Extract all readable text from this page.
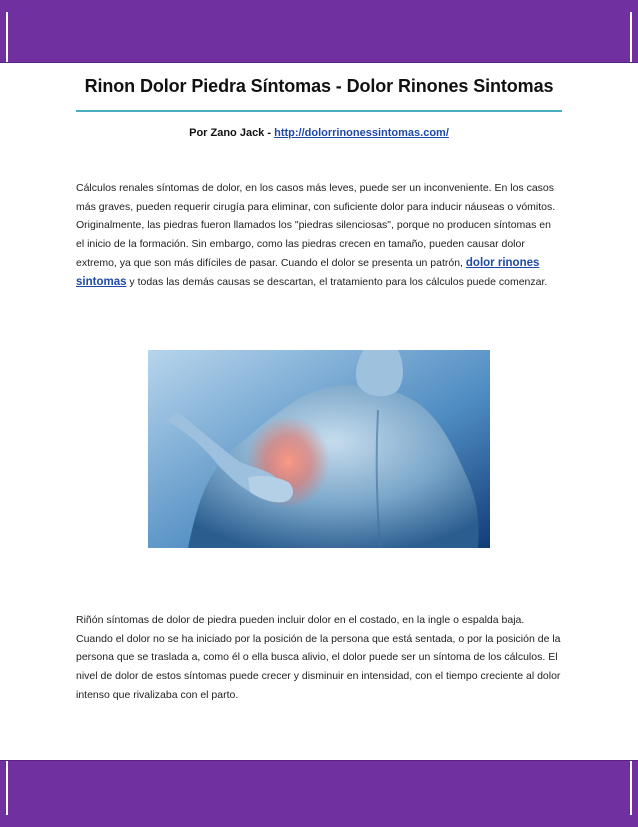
Rinon Dolor Piedra Síntomas - Dolor Rinones Sintomas
Por Zano Jack - http://dolorrinonessintomas.com/

Cálculos renales síntomas de dolor, en los casos más leves, puede ser un inconveniente. En los casos más graves, pueden requerir cirugía para eliminar, con suficiente dolor para inducir náuseas o vómitos. Originalmente, las piedras fueron llamados los "piedras silenciosas", porque no producen síntomas en el inicio de la formación. Sin embargo, como las piedras crecen en tamaño, pueden causar dolor extremo, ya que son más difíciles de pasar. Cuando el dolor se presenta un patrón, dolor rinones sintomas y todas las demás causas se descartan, el tratamiento para los cálculos puede comenzar.

Riñón síntomas de dolor de piedra pueden incluir dolor en el costado, en la ingle o espalda baja. Cuando el dolor no se ha iniciado por la posición de la persona que está sentada, o por la posición de la persona que se traslada a, como él o ella busca alivio, el dolor puede ser un síntoma de los cálculos. El nivel de dolor de estos síntomas puede crecer y disminuir en intensidad, con el tiempo creciente al dolor intenso que rivalizaba con el parto.
